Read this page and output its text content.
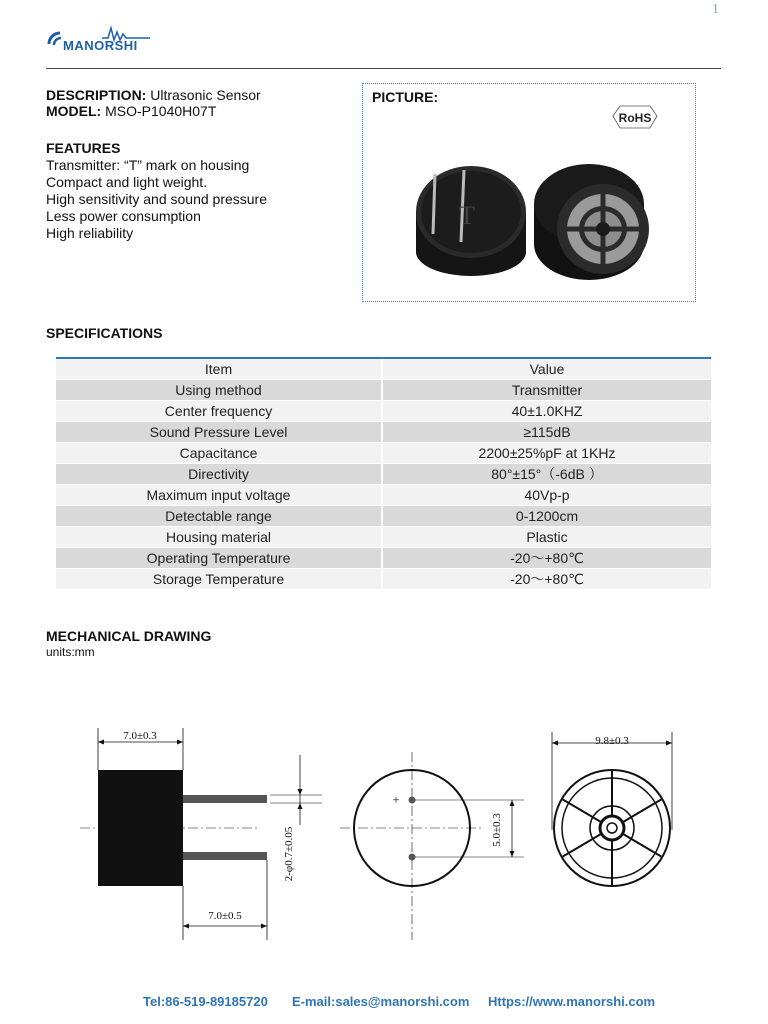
1
MANORSHI
DESCRIPTION: Ultrasonic Sensor
MODEL: MSO-P1040H07T
FEATURES
Transmitter: “T” mark on housing
Compact and light weight.
High sensitivity and sound pressure
Less power consumption
High reliability
PICTURE:
RoHS
T
SPECIFICATIONS
Item	Value
Using method	Transmitter
Center frequency	40±1.0KHZ
Sound Pressure Level	≥115dB
Capacitance	2200±25%pF at 1KHz
Directivity	80°±15°（-6dB ）
Maximum input voltage	40Vp-p
Detectable range	0-1200cm
Housing material	Plastic
Operating Temperature	-20～+80℃
Storage Temperature	-20～+80℃
MECHANICAL DRAWING
units:mm
7.0±0.3
2-φ0.7±0.05
7.0±0.5
+
5.0±0.3
9.8±0.3
Tel:86-519-89185720 E-mail:sales@manorshi.com Https://www.manorshi.com
